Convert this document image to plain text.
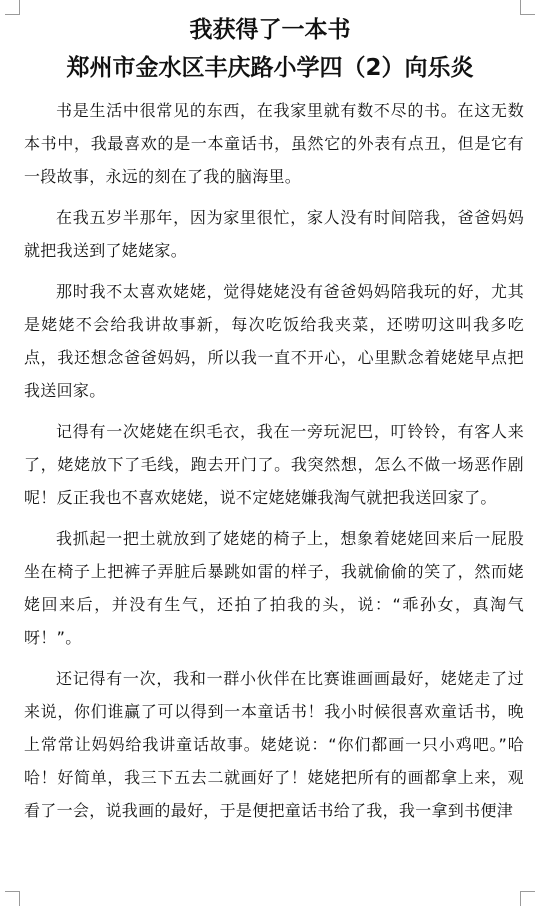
我获得了一本书
郑州市金水区丰庆路小学四（2）向乐炎

书是生活中很常见的东西，在我家里就有数不尽的书。在这无数本书中，我最喜欢的是一本童话书，虽然它的外表有点丑，但是它有一段故事，永远的刻在了我的脑海里。

在我五岁半那年，因为家里很忙，家人没有时间陪我，爸爸妈妈就把我送到了姥姥家。

那时我不太喜欢姥姥，觉得姥姥没有爸爸妈妈陪我玩的好，尤其是姥姥不会给我讲故事新，每次吃饭给我夹菜，还唠叨这叫我多吃点，我还想念爸爸妈妈，所以我一直不开心，心里默念着姥姥早点把我送回家。

记得有一次姥姥在织毛衣，我在一旁玩泥巴，叮铃铃，有客人来了，姥姥放下了毛线，跑去开门了。我突然想，怎么不做一场恶作剧呢！反正我也不喜欢姥姥，说不定姥姥嫌我淘气就把我送回家了。

我抓起一把土就放到了姥姥的椅子上，想象着姥姥回来后一屁股坐在椅子上把裤子弄脏后暴跳如雷的样子，我就偷偷的笑了，然而姥姥回来后，并没有生气，还拍了拍我的头，说：“乖孙女，真淘气呀！”。

还记得有一次，我和一群小伙伴在比赛谁画画最好，姥姥走了过来说，你们谁赢了可以得到一本童话书！我小时候很喜欢童话书，晚上常常让妈妈给我讲童话故事。姥姥说：“你们都画一只小鸡吧。”哈哈！好简单，我三下五去二就画好了！姥姥把所有的画都拿上来，观看了一会，说我画的最好，于是便把童话书给了我，我一拿到书便津
